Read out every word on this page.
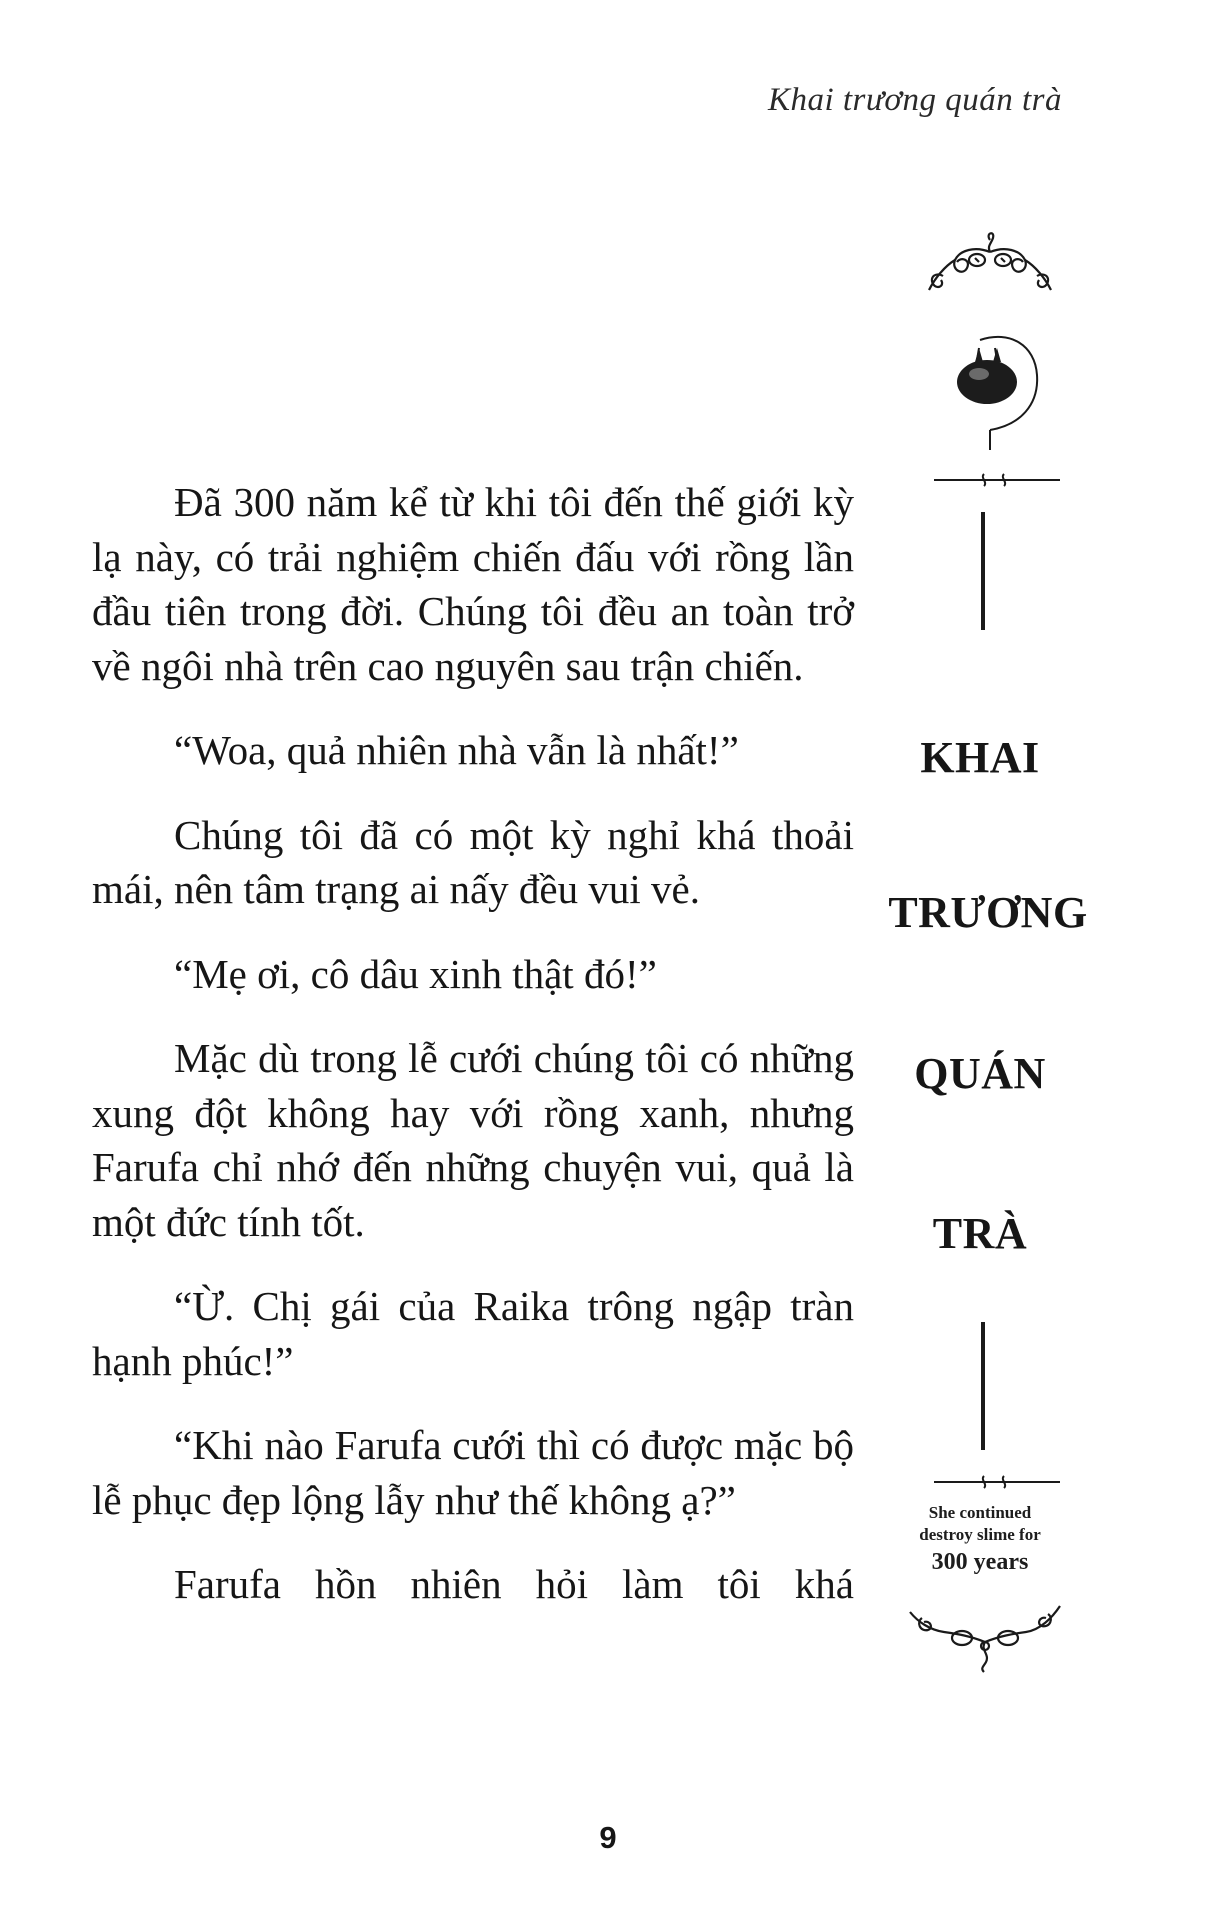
Khai trương quán trà

Đã 300 năm kể từ khi tôi đến thế giới kỳ lạ này, có trải nghiệm chiến đấu với rồng lần đầu tiên trong đời. Chúng tôi đều an toàn trở về ngôi nhà trên cao nguyên sau trận chiến.

“Woa, quả nhiên nhà vẫn là nhất!”

Chúng tôi đã có một kỳ nghỉ khá thoải mái, nên tâm trạng ai nấy đều vui vẻ.

“Mẹ ơi, cô dâu xinh thật đó!”

Mặc dù trong lễ cưới chúng tôi có những xung đột không hay với rồng xanh, nhưng Farufa chỉ nhớ đến những chuyện vui, quả là một đức tính tốt.

“Ừ. Chị gái của Raika trông ngập tràn hạnh phúc!”

“Khi nào Farufa cưới thì có được mặc bộ lễ phục đẹp lộng lẫy như thế không ạ?”

Farufa hồn nhiên hỏi làm tôi khá

KHAI
TRƯƠNG
QUÁN
TRÀ
She continued
destroy slime for
300 years
9
